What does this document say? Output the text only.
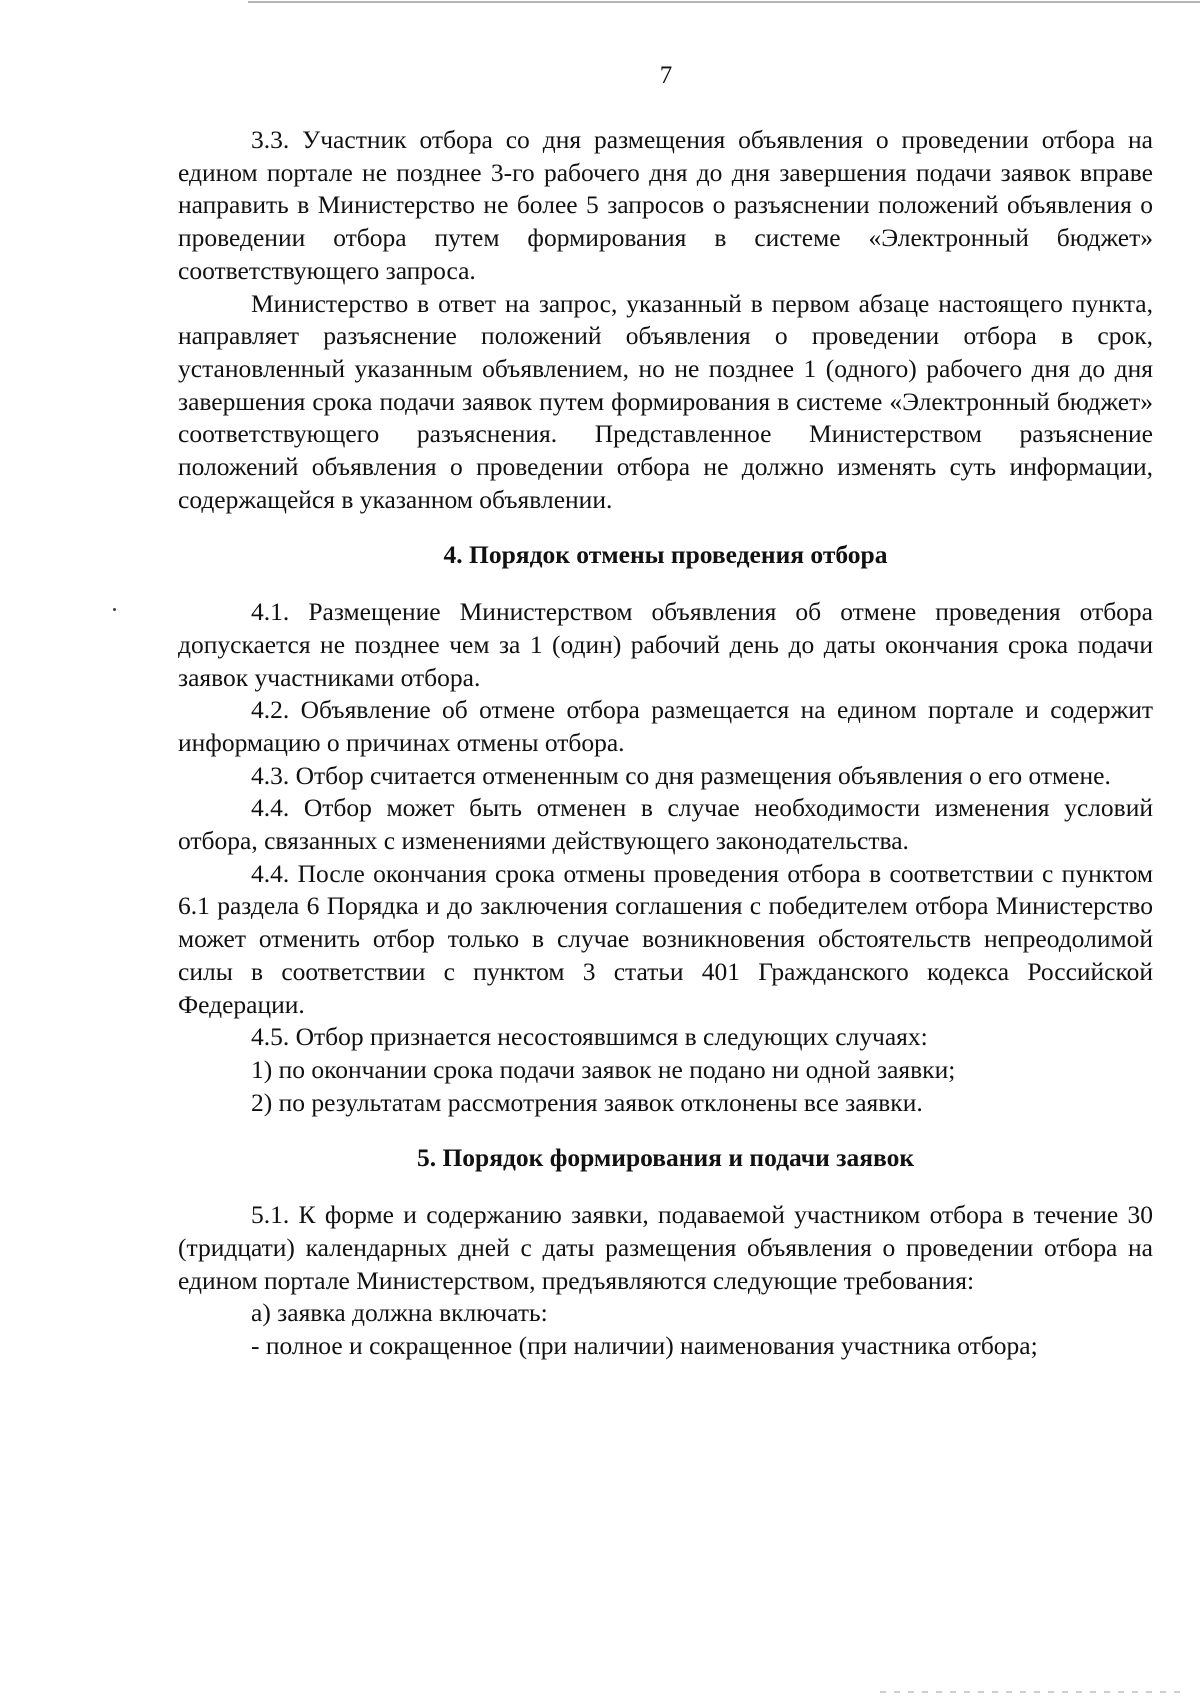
7

3.3. Участник отбора со дня размещения объявления о проведении отбора на едином портале не позднее 3-го рабочего дня до дня завершения подачи заявок вправе направить в Министерство не более 5 запросов о разъяснении положений объявления о проведении отбора путем формирования в системе «Электронный бюджет» соответствующего запроса.

Министерство в ответ на запрос, указанный в первом абзаце настоящего пункта, направляет разъяснение положений объявления о проведении отбора в срок, установленный указанным объявлением, но не позднее 1 (одного) рабочего дня до дня завершения срока подачи заявок путем формирования в системе «Электронный бюджет» соответствующего разъяснения. Представленное Министерством разъяснение положений объявления о проведении отбора не должно изменять суть информации, содержащейся в указанном объявлении.

4. Порядок отмены проведения отбора

4.1. Размещение Министерством объявления об отмене проведения отбора допускается не позднее чем за 1 (один) рабочий день до даты окончания срока подачи заявок участниками отбора.

4.2. Объявление об отмене отбора размещается на едином портале и содержит информацию о причинах отмены отбора.

4.3. Отбор считается отмененным со дня размещения объявления о его отмене.

4.4. Отбор может быть отменен в случае необходимости изменения условий отбора, связанных с изменениями действующего законодательства.

4.4. После окончания срока отмены проведения отбора в соответствии с пунктом 6.1 раздела 6 Порядка и до заключения соглашения с победителем отбора Министерство может отменить отбор только в случае возникновения обстоятельств непреодолимой силы в соответствии с пунктом 3 статьи 401 Гражданского кодекса Российской Федерации.

4.5. Отбор признается несостоявшимся в следующих случаях:

1) по окончании срока подачи заявок не подано ни одной заявки;

2) по результатам рассмотрения заявок отклонены все заявки.

5. Порядок формирования и подачи заявок

5.1. К форме и содержанию заявки, подаваемой участником отбора в течение 30 (тридцати) календарных дней с даты размещения объявления о проведении отбора на едином портале Министерством, предъявляются следующие требования:

а) заявка должна включать:

- полное и сокращенное (при наличии) наименования участника отбора;
